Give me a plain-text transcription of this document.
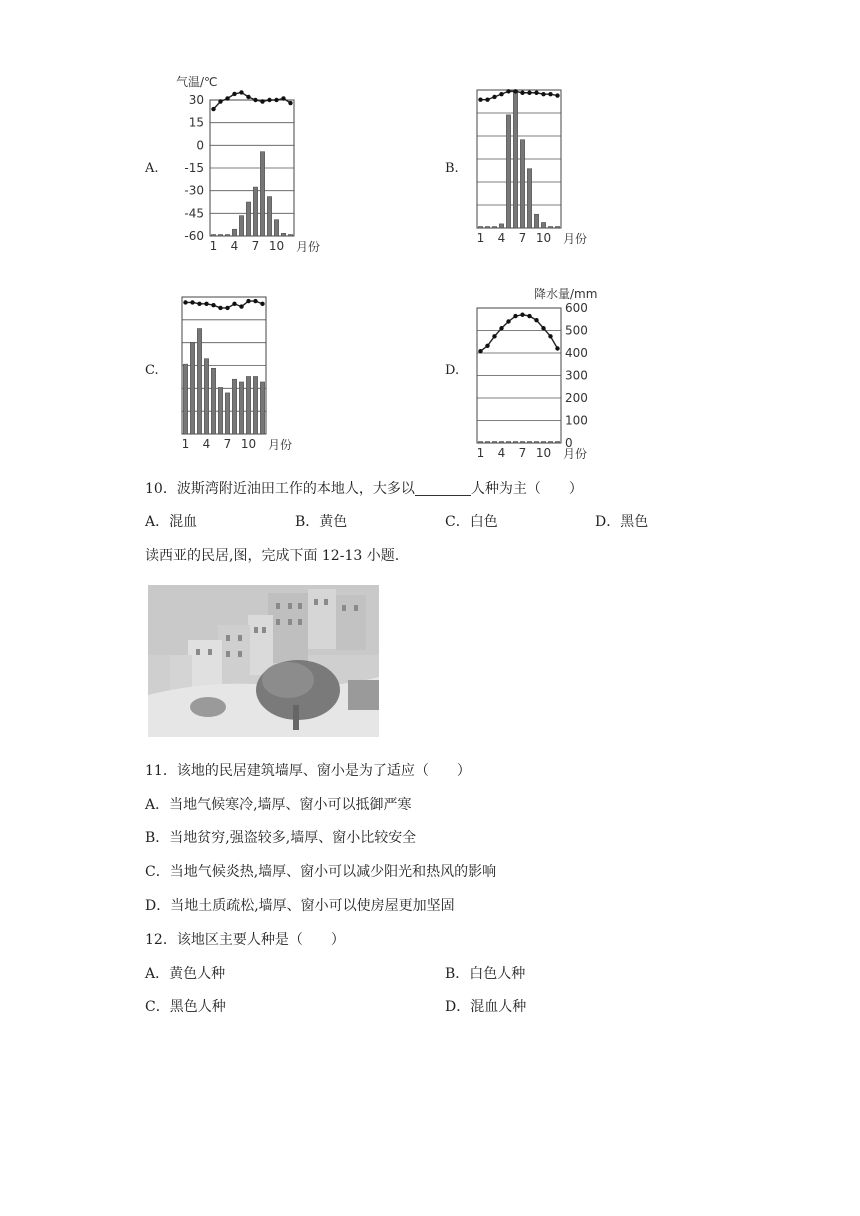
A.	B.
C.	D.
气温/℃
30
15
0
-15
-30
-45
-60
1 4 7 10 月份
1 4 7 10 月份
1 4 7 10 月份
降水量/mm
600
500
400
300
200
100
0
1 4 7 10 月份
10．波斯湾附近油田工作的本地人，大多以	人种为主（　　）
A．混血	B．黄色	C．白色	D．黑色
读西亚的民居,图，完成下面 12-13 小题.
11．该地的民居建筑墙厚、窗小是为了适应（　　）
A．当地气候寒冷,墙厚、窗小可以抵御严寒
B．当地贫穷,强盗较多,墙厚、窗小比较安全
C．当地气候炎热,墙厚、窗小可以减少阳光和热风的影响
D．当地土质疏松,墙厚、窗小可以使房屋更加坚固
12．该地区主要人种是（　　）
A．黄色人种	B．白色人种
C．黑色人种	D．混血人种
